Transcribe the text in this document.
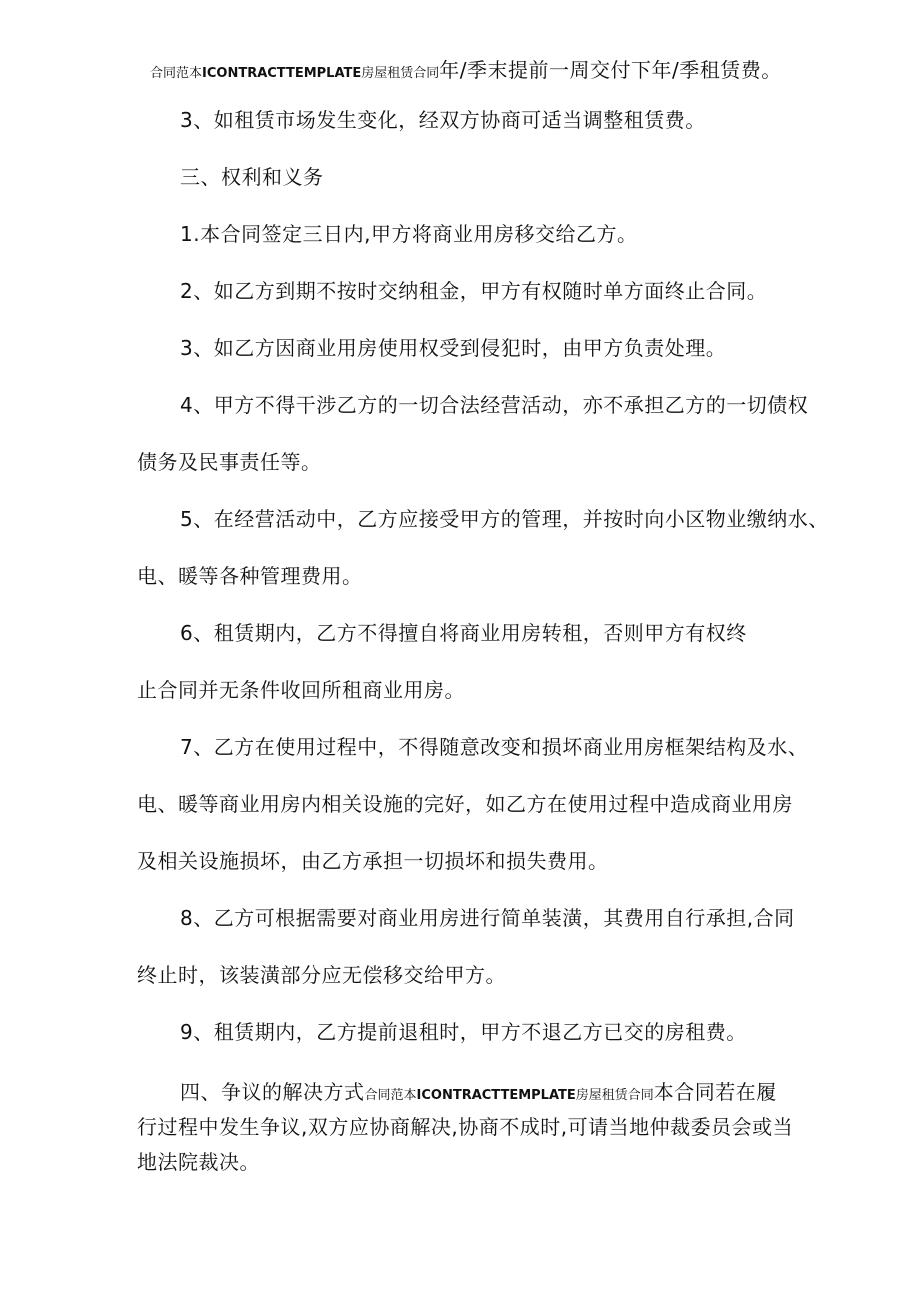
合同范本ICONTRACTTEMPLATE房屋租赁合同年/季末提前一周交付下年/季租赁费。
3、如租赁市场发生变化，经双方协商可适当调整租赁费。
三、权利和义务
1.本合同签定三日内,甲方将商业用房移交给乙方。
2、如乙方到期不按时交纳租金，甲方有权随时单方面终止合同。
3、如乙方因商业用房使用权受到侵犯时，由甲方负责处理。
4、甲方不得干涉乙方的一切合法经营活动，亦不承担乙方的一切债权
债务及民事责任等。
5、在经营活动中，乙方应接受甲方的管理，并按时向小区物业缴纳水、
电、暖等各种管理费用。
6、租赁期内，乙方不得擅自将商业用房转租，否则甲方有权终
止合同并无条件收回所租商业用房。
7、乙方在使用过程中，不得随意改变和损坏商业用房框架结构及水、
电、暖等商业用房内相关设施的完好，如乙方在使用过程中造成商业用房
及相关设施损坏，由乙方承担一切损坏和损失费用。
8、乙方可根据需要对商业用房进行简单装潢，其费用自行承担,合同
终止时，该装潢部分应无偿移交给甲方。
9、租赁期内，乙方提前退租时，甲方不退乙方已交的房租费。
四、争议的解决方式合同范本ICONTRACTTEMPLATE房屋租赁合同本合同若在履
行过程中发生争议,双方应协商解决,协商不成时,可请当地仲裁委员会或当
地法院裁决。
